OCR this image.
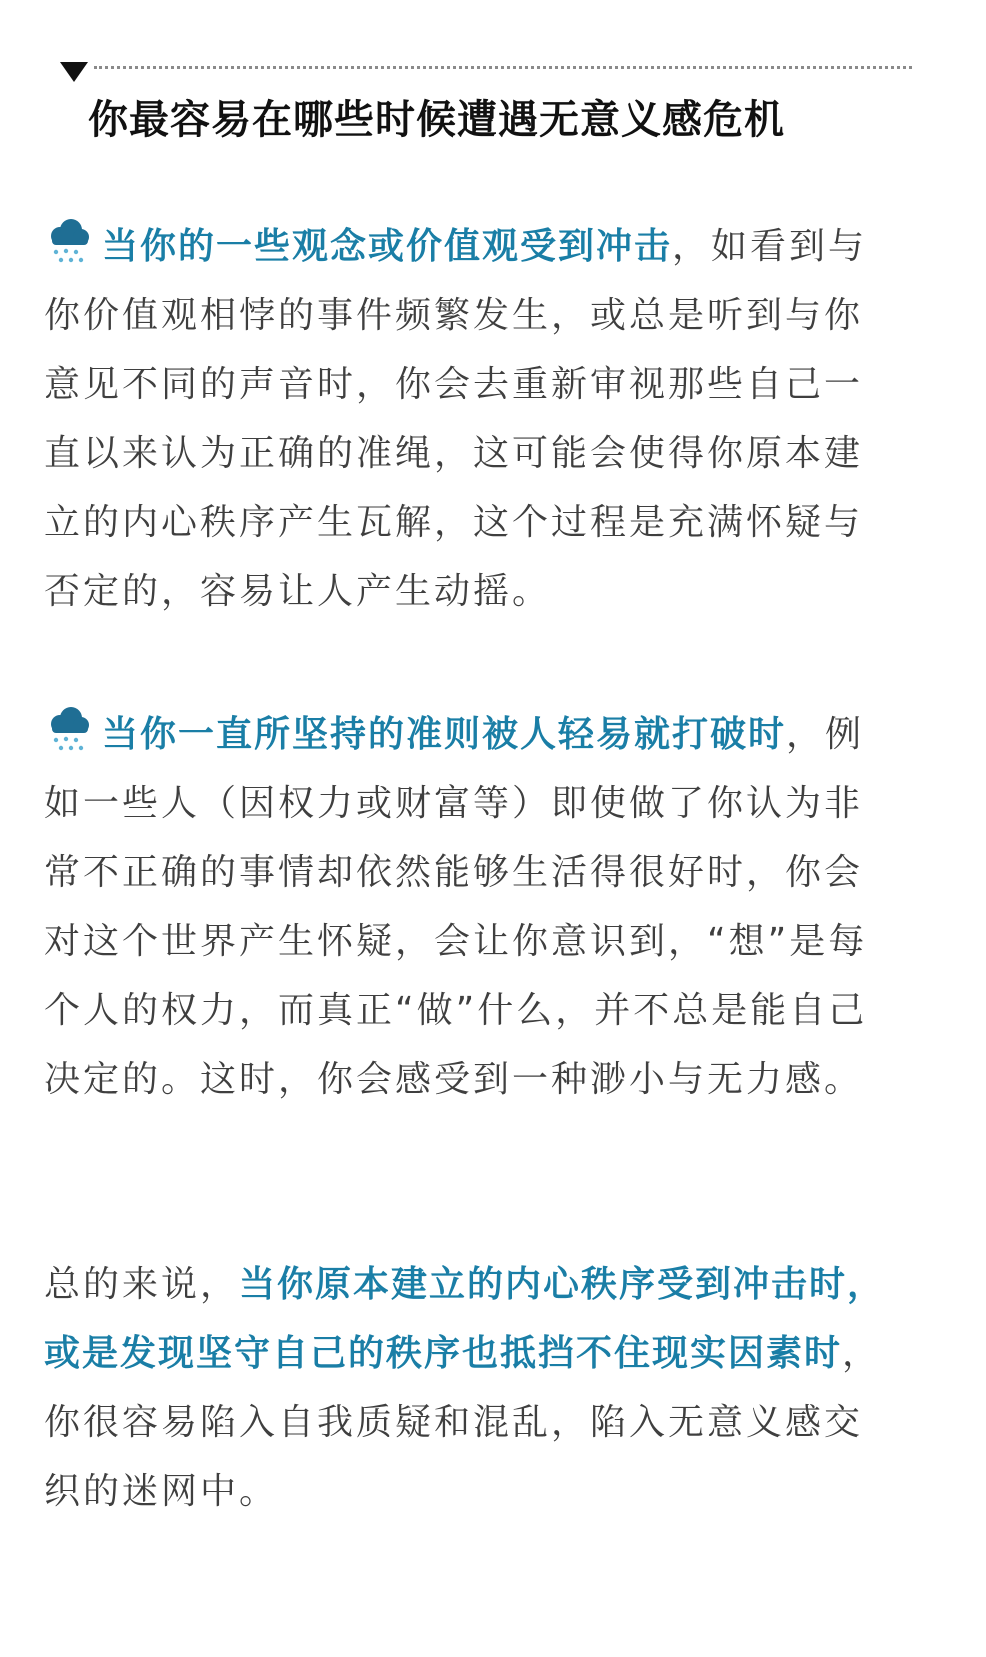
你最容易在哪些时候遭遇无意义感危机

当你的一些观念或价值观受到冲击，如看到与你价值观相悖的事件频繁发生，或总是听到与你意见不同的声音时，你会去重新审视那些自己一直以来认为正确的准绳，这可能会使得你原本建立的内心秩序产生瓦解，这个过程是充满怀疑与否定的，容易让人产生动摇。

当你一直所坚持的准则被人轻易就打破时，例如一些人（因权力或财富等）即使做了你认为非常不正确的事情却依然能够生活得很好时，你会对这个世界产生怀疑，会让你意识到，“想”是每个人的权力，而真正“做”什么，并不总是能自己决定的。这时，你会感受到一种渺小与无力感。

总的来说，当你原本建立的内心秩序受到冲击时，或是发现坚守自己的秩序也抵挡不住现实因素时，你很容易陷入自我质疑和混乱，陷入无意义感交织的迷网中。
